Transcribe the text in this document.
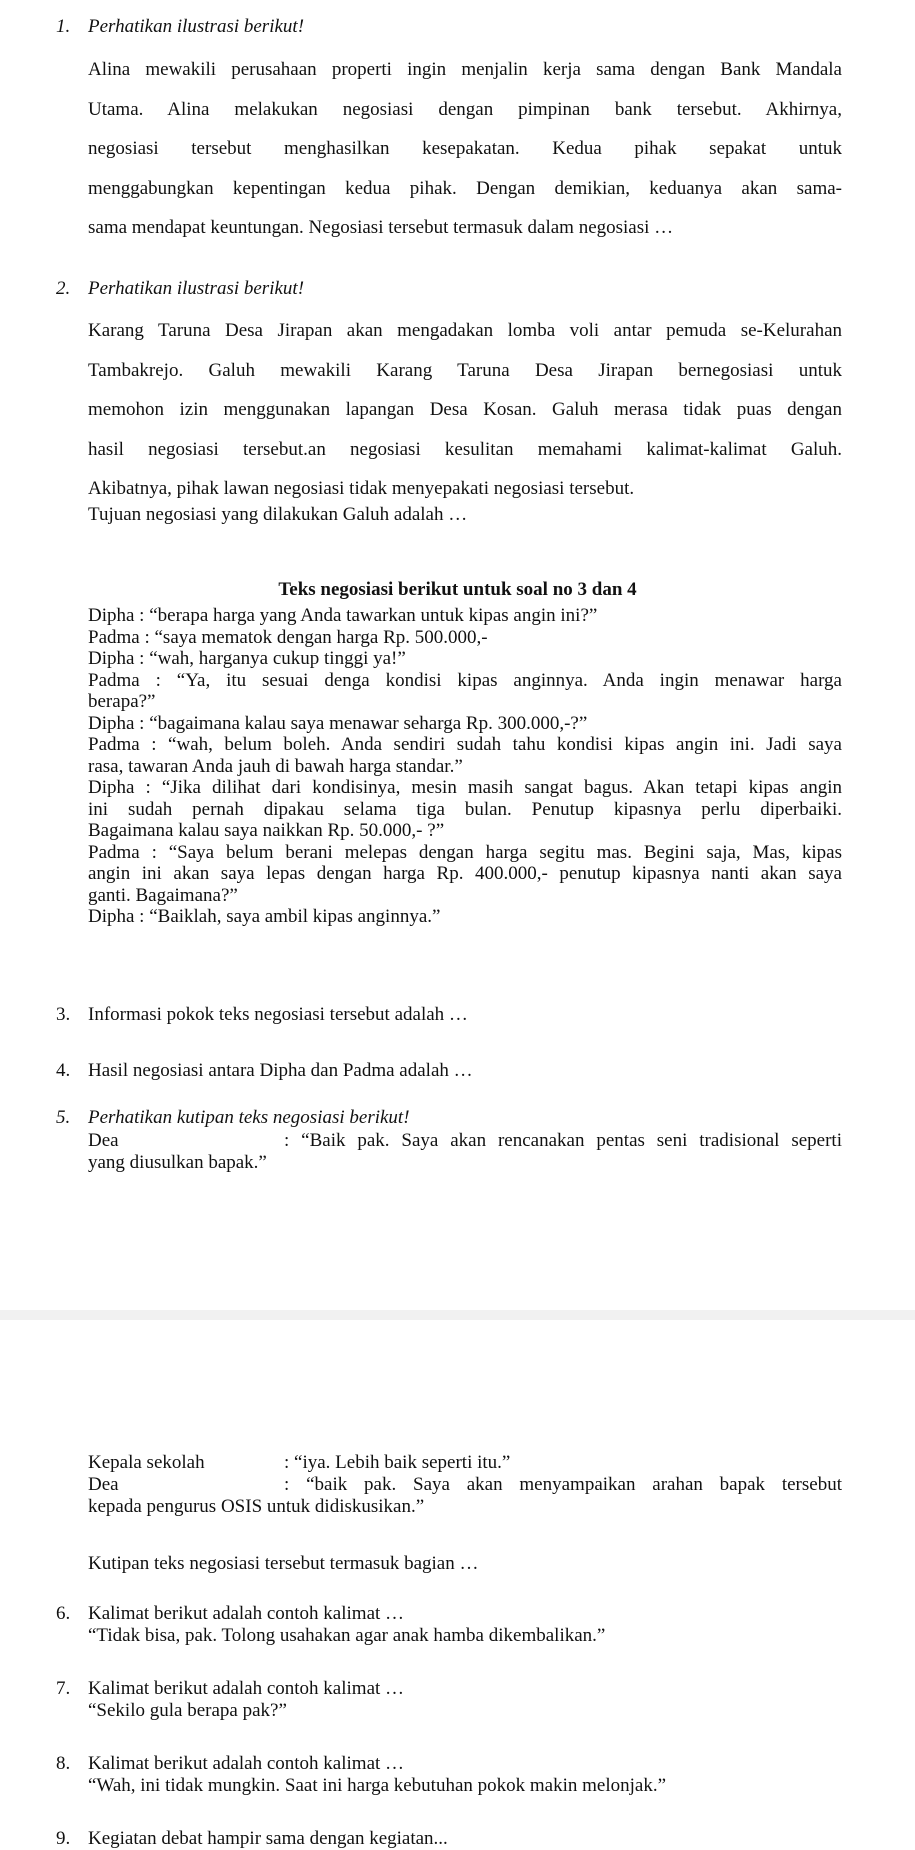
1. Perhatikan ilustrasi berikut!
Alina mewakili perusahaan properti ingin menjalin kerja sama dengan Bank Mandala
Utama. Alina melakukan negosiasi dengan pimpinan bank tersebut. Akhirnya,
negosiasi tersebut menghasilkan kesepakatan. Kedua pihak sepakat untuk
menggabungkan kepentingan kedua pihak. Dengan demikian, keduanya akan sama-
sama mendapat keuntungan. Negosiasi tersebut termasuk dalam negosiasi …
2. Perhatikan ilustrasi berikut!
Karang Taruna Desa Jirapan akan mengadakan lomba voli antar pemuda se-Kelurahan
Tambakrejo. Galuh mewakili Karang Taruna Desa Jirapan bernegosiasi untuk
memohon izin menggunakan lapangan Desa Kosan. Galuh merasa tidak puas dengan
hasil negosiasi tersebut.an negosiasi kesulitan memahami kalimat-kalimat Galuh.
Akibatnya, pihak lawan negosiasi tidak menyepakati negosiasi tersebut.
Tujuan negosiasi yang dilakukan Galuh adalah …
Teks negosiasi berikut untuk soal no 3 dan 4
Dipha : “berapa harga yang Anda tawarkan untuk kipas angin ini?”
Padma : “saya mematok dengan harga Rp. 500.000,-
Dipha : “wah, harganya cukup tinggi ya!”
Padma : “Ya, itu sesuai denga kondisi kipas anginnya. Anda ingin menawar harga
berapa?”
Dipha : “bagaimana kalau saya menawar seharga Rp. 300.000,-?”
Padma : “wah, belum boleh. Anda sendiri sudah tahu kondisi kipas angin ini. Jadi saya
rasa, tawaran Anda jauh di bawah harga standar.”
Dipha : “Jika dilihat dari kondisinya, mesin masih sangat bagus. Akan tetapi kipas angin
ini sudah pernah dipakau selama tiga bulan. Penutup kipasnya perlu diperbaiki.
Bagaimana kalau saya naikkan Rp. 50.000,- ?”
Padma : “Saya belum berani melepas dengan harga segitu mas. Begini saja, Mas, kipas
angin ini akan saya lepas dengan harga Rp. 400.000,- penutup kipasnya nanti akan saya
ganti. Bagaimana?”
Dipha : “Baiklah, saya ambil kipas anginnya.”
3. Informasi pokok teks negosiasi tersebut adalah …
4. Hasil negosiasi antara Dipha dan Padma adalah …
5. Perhatikan kutipan teks negosiasi berikut!
Dea	: “Baik pak. Saya akan rencanakan pentas seni tradisional seperti
yang diusulkan bapak.”
Kepala sekolah	: “iya. Lebih baik seperti itu.”
Dea	: “baik pak. Saya akan menyampaikan arahan bapak tersebut
kepada pengurus OSIS untuk didiskusikan.”
Kutipan teks negosiasi tersebut termasuk bagian …
6. Kalimat berikut adalah contoh kalimat …
“Tidak bisa, pak. Tolong usahakan agar anak hamba dikembalikan.”
7. Kalimat berikut adalah contoh kalimat …
“Sekilo gula berapa pak?”
8. Kalimat berikut adalah contoh kalimat …
“Wah, ini tidak mungkin. Saat ini harga kebutuhan pokok makin melonjak.”
9. Kegiatan debat hampir sama dengan kegiatan...
